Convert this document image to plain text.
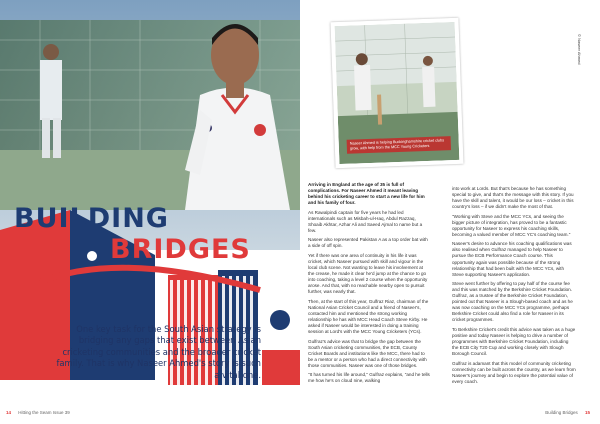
BUILDING
BRIDGES
One key task for the South Asian strategy is bridging any gaps that exist between Asian cricketing communities and the broader cricket family. That is why Naseer Ahmed's story is such a vital one.
14 Hitting the Seam Issue 39
Naseer Ahmed is helping Buckinghamshire cricket clubs grow, with help from the MCC Young Cricketers
© Naseer Ahmed

Arriving in England at the age of 35 is full of complications. For Naseer Ahmed it meant leaving behind his cricketing career to start a new life for him and his family of four.

As Rawalpindi captain for five years he had led internationals such as Misbah-ul-Haq, Abdul Razzaq, Shoaib Akhtar, Azhar Ali and Saeed Ajmal to name but a few.

Naseer also represented Pakistan A as a top order bat with a side of off spin.

Yet if there was one area of continuity in his life it was cricket, which Naseer pursued with skill and vigour in the local club scene. Not wanting to leave his involvement at the crease, he made it clear he'd jump at the chance to go into coaching, taking a level 2 course when the opportunity arose. And that, with no reachable nearby open to pursuit further, was nearly that.

Then, at the start of this year, Gulfraz Riaz, chairman of the National Asian Cricket Council and a friend of Naseer's, contacted him and mentioned the strong working relationship he has with MCC Head Coach Steve Kirby. He asked if Naseer would be interested in doing a training session at Lord's with the MCC Young Cricketers (YCs).

Gulfraz's advice was that to bridge the gap between the South Asian cricketing communities, the ECB, County Cricket Boards and institutions like the MCC, there had to be a mentor or a person who had a direct connectivity with those communities. Naseer was one of those bridges.

"It has turned his life around," Gulfraz explains, "and he tells me how he's on cloud nine, walking

into work at Lords. But that's because he has something special to give, and that's the message with this story. If you have the skill and talent, it would be our loss – cricket in this country's loss – if we didn't make the most of that.

"Working with Steve and the MCC YCs, and seeing the bigger picture of integration, has proved to be a fantastic opportunity for Naseer to express his coaching skills, becoming a valued member of MCC YC's coaching team."

Naseer's desire to advance his coaching qualifications was also realised when Gulfraz managed to help Naseer to pursue the ECB Performance Coach course. This opportunity again was possible because of the strong relationship that had been built with the MCC YCs, with Steve supporting Naseer's application.

Steve went further by offering to pay half of the course fee and this was matched by the Berkshire Cricket Foundation. Gulfraz, as a trustee of the Berkshire Cricket Foundation, pointed out that Naseer is a Slough-based coach and as he was now coaching on the MCC YCs programme, perhaps Berkshire Cricket could also find a role for Naseer in its cricket programmes.

To Berkshire Cricket's credit this advice was taken as a huge positive and today Naseer is helping to drive a number of programmes with Berkshire Cricket Foundation, including the ECB City T20 Cup and working closely with Slough Borough Council.

Gulfraz is adamant that this model of community cricketing connectivity can be built across the country, as we learn from Naseer's journey and begin to explore the potential value of every coach.

Building Bridges 15
